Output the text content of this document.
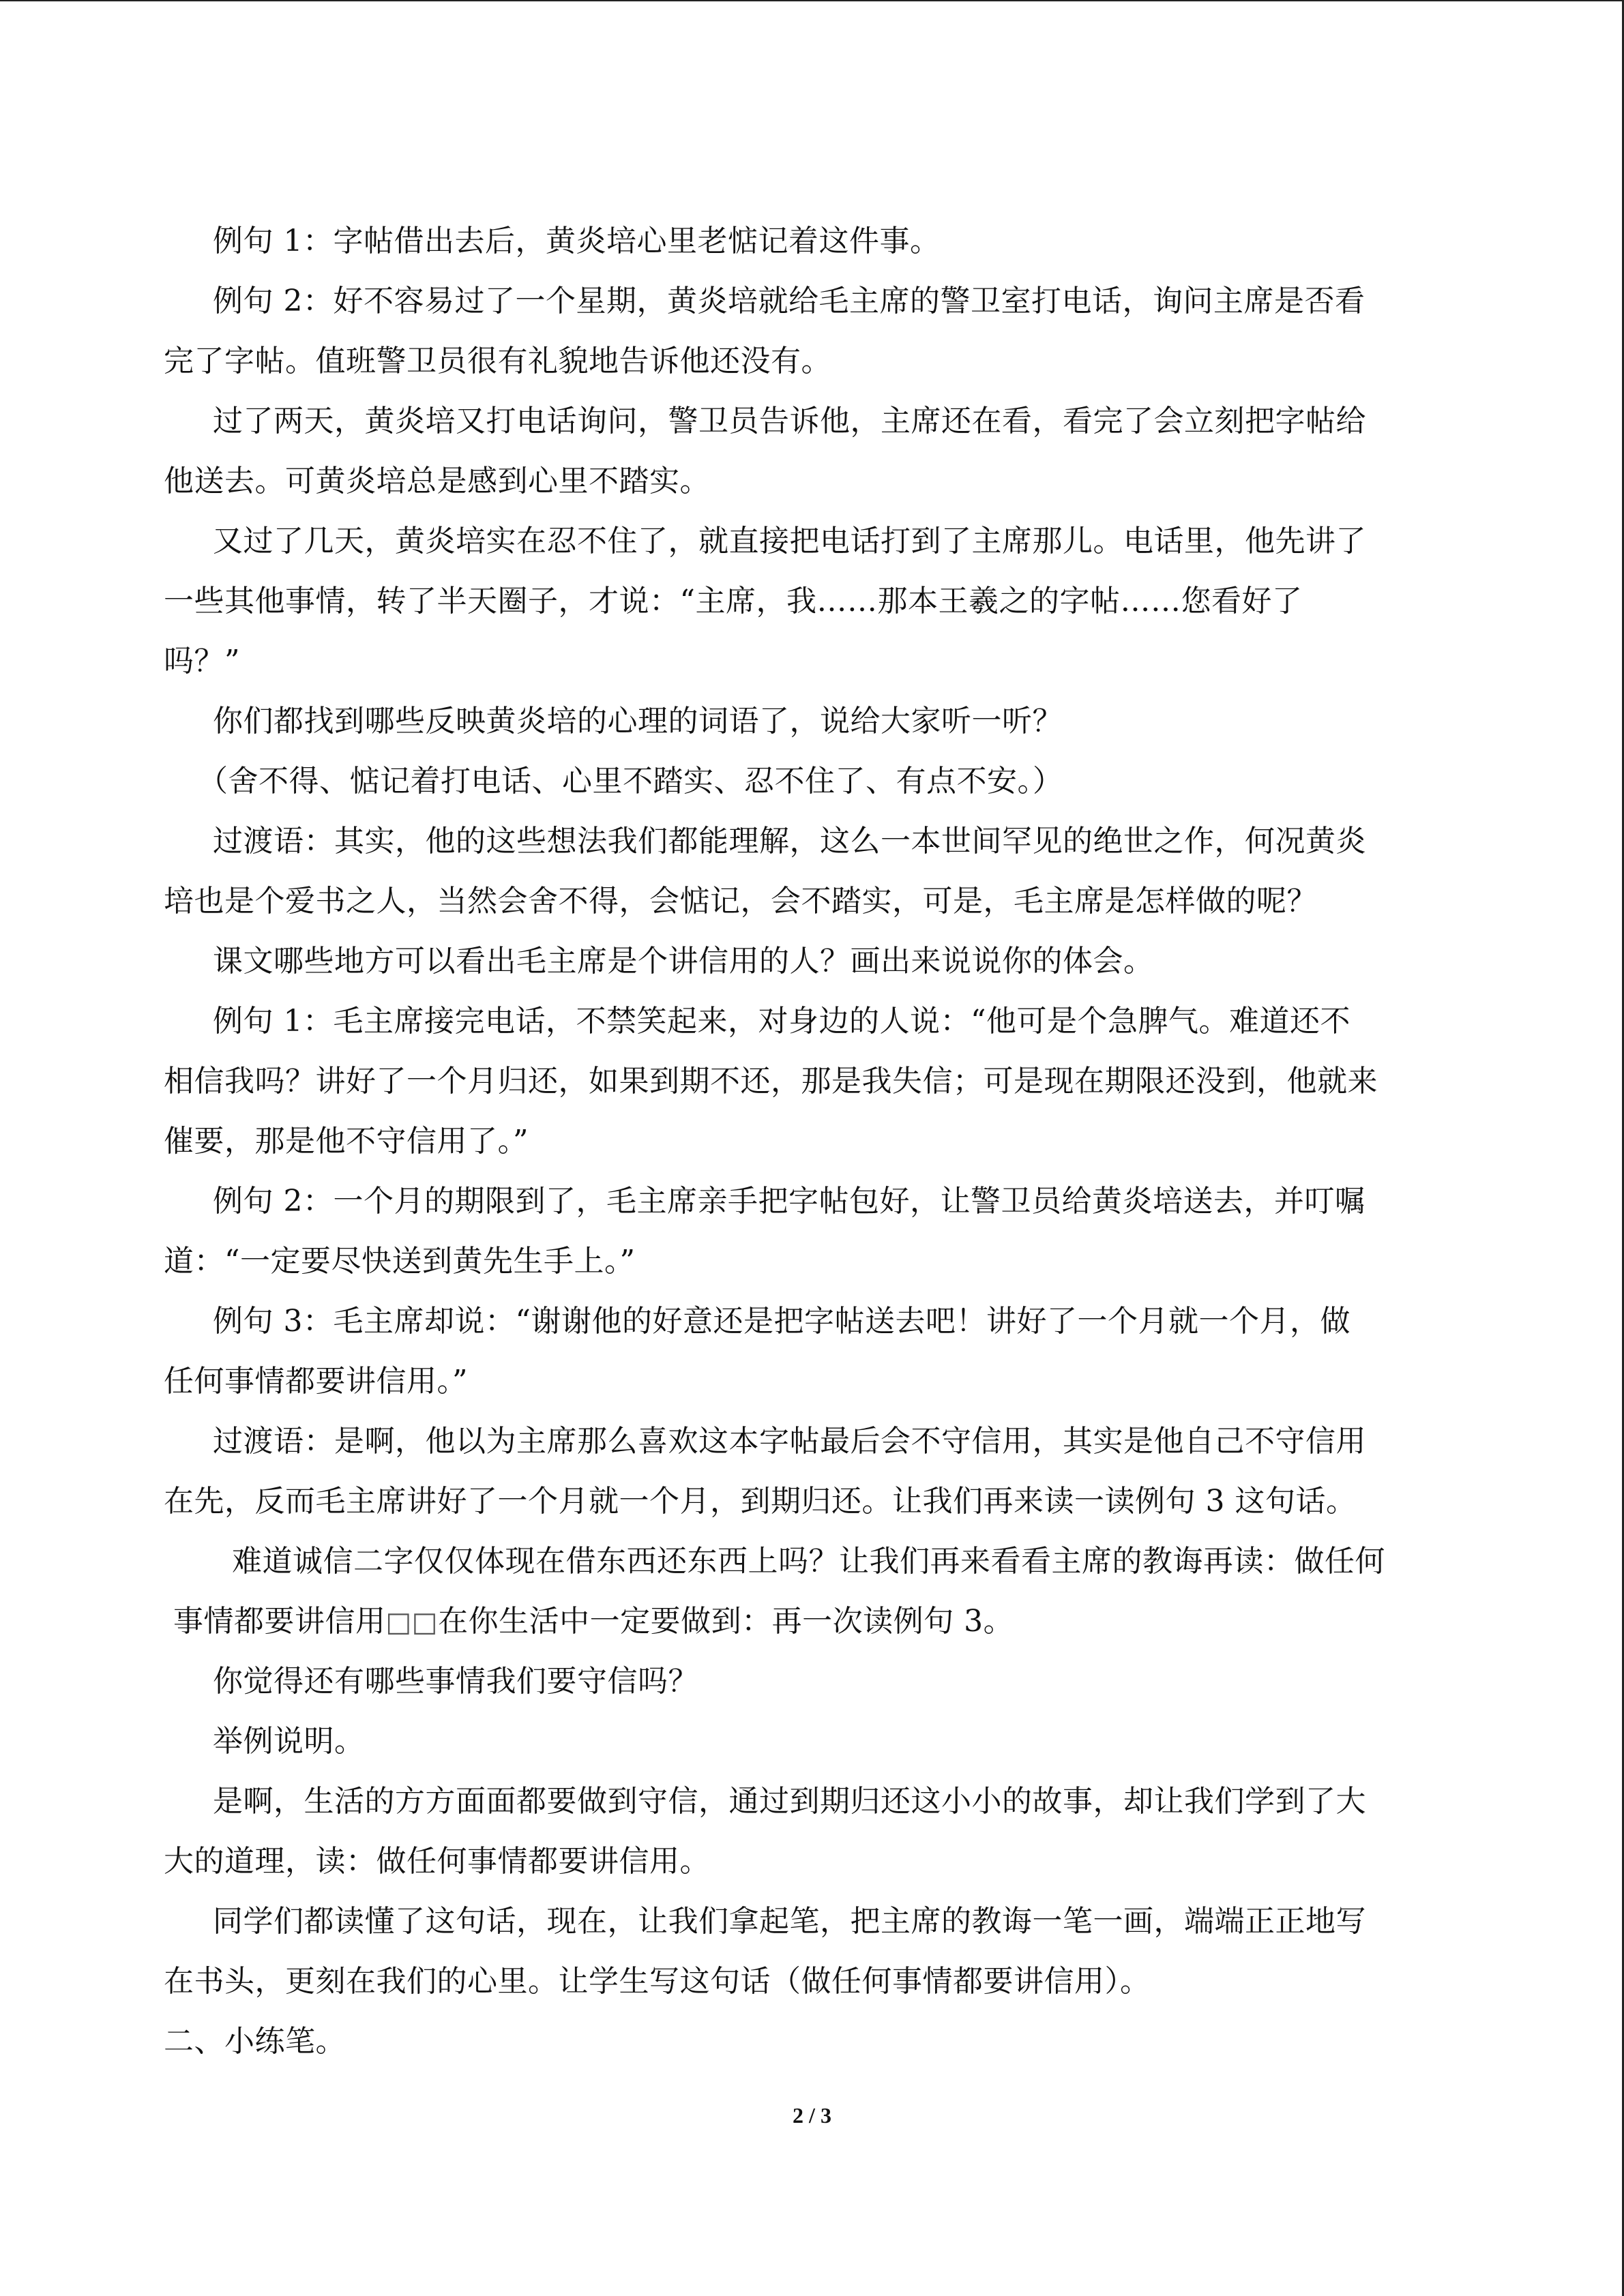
例句 1：字帖借出去后，黄炎培心里老惦记着这件事。
例句 2：好不容易过了一个星期，黄炎培就给毛主席的警卫室打电话，询问主席是否看
完了字帖。值班警卫员很有礼貌地告诉他还没有。
过了两天，黄炎培又打电话询问，警卫员告诉他，主席还在看，看完了会立刻把字帖给
他送去。可黄炎培总是感到心里不踏实。
又过了几天，黄炎培实在忍不住了，就直接把电话打到了主席那儿。电话里，他先讲了
一些其他事情，转了半天圈子，才说：“主席，我……那本王羲之的字帖……您看好了
吗？”
你们都找到哪些反映黄炎培的心理的词语了，说给大家听一听？
（舍不得、惦记着打电话、心里不踏实、忍不住了、有点不安。）
过渡语：其实，他的这些想法我们都能理解，这么一本世间罕见的绝世之作，何况黄炎
培也是个爱书之人，当然会舍不得，会惦记，会不踏实，可是，毛主席是怎样做的呢？
课文哪些地方可以看出毛主席是个讲信用的人？画出来说说你的体会。
例句 1：毛主席接完电话，不禁笑起来，对身边的人说：“他可是个急脾气。难道还不
相信我吗？讲好了一个月归还，如果到期不还，那是我失信；可是现在期限还没到，他就来
催要，那是他不守信用了。”
例句 2：一个月的期限到了，毛主席亲手把字帖包好，让警卫员给黄炎培送去，并叮嘱
道：“一定要尽快送到黄先生手上。”
例句 3：毛主席却说：“谢谢他的好意还是把字帖送去吧！讲好了一个月就一个月，做
任何事情都要讲信用。”
过渡语：是啊，他以为主席那么喜欢这本字帖最后会不守信用，其实是他自己不守信用
在先，反而毛主席讲好了一个月就一个月，到期归还。让我们再来读一读例句 3 这句话。
难道诚信二字仅仅体现在借东西还东西上吗？让我们再来看看主席的教诲再读：做任何
事情都要讲信用□□在你生活中一定要做到：再一次读例句 3。
你觉得还有哪些事情我们要守信吗？
举例说明。
是啊，生活的方方面面都要做到守信，通过到期归还这小小的故事，却让我们学到了大
大的道理，读：做任何事情都要讲信用。
同学们都读懂了这句话，现在，让我们拿起笔，把主席的教诲一笔一画，端端正正地写
在书头，更刻在我们的心里。让学生写这句话（做任何事情都要讲信用）。
二、小练笔。
2 / 3
